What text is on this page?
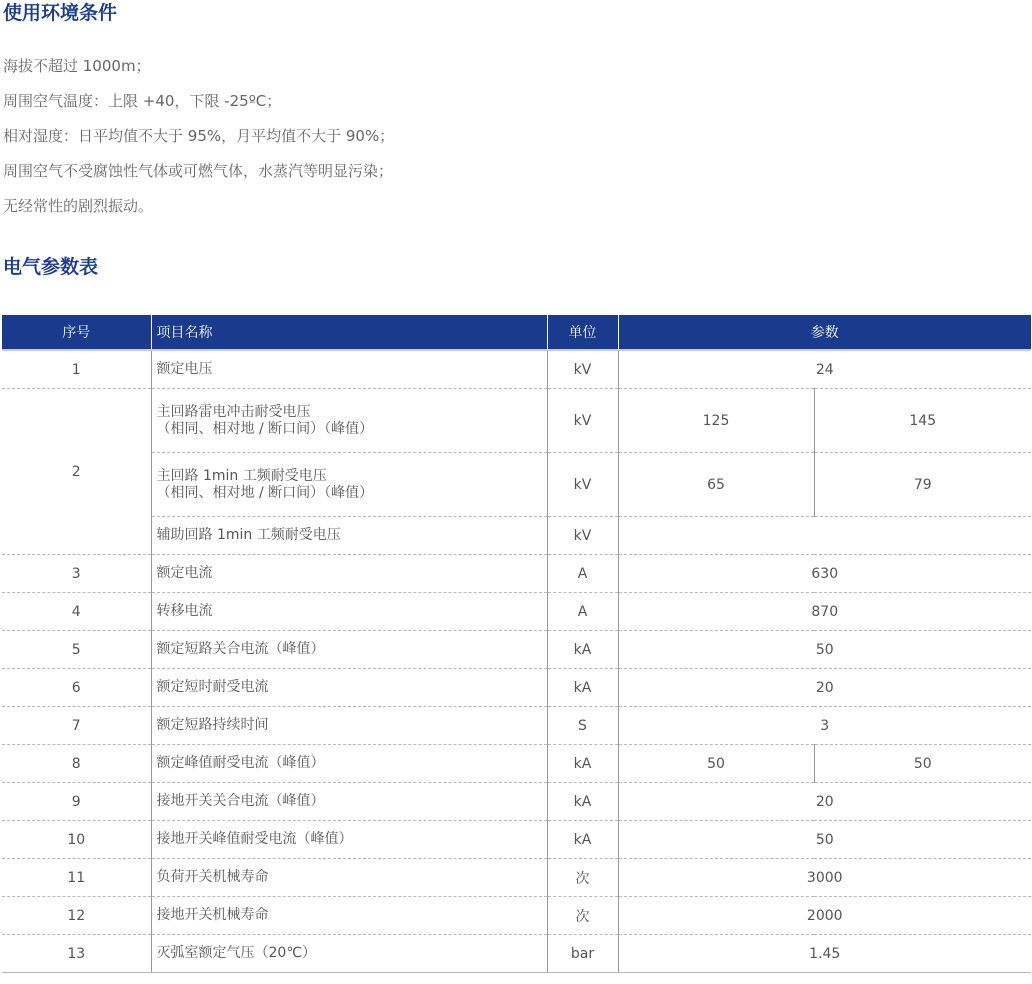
使用环境条件
海拔不超过 1000m；
周围空气温度：上限 +40，下限 -25ºC；
相对湿度：日平均值不大于 95%，月平均值不大于 90%；
周围空气不受腐蚀性气体或可燃气体，水蒸汽等明显污染；
无经常性的剧烈振动。
电气参数表
序号	项目名称	单位	参数	
1	额定电压	kV	24	
2	主回路雷电冲击耐受电压
（相同、相对地 / 断口间）（峰值）	kV	125	145

	主回路 1min 工频耐受电压
（相同、相对地 / 断口间）（峰值）	kV	65	79
	辅助回路 1min 工频耐受电压	kV		
3	额定电流	A	630	
4	转移电流	A	870	
5	额定短路关合电流（峰值）	kA	50	
6	额定短时耐受电流	kA	20	
7	额定短路持续时间	S	3	
8	额定峰值耐受电流（峰值）	kA	50	50
9	接地开关关合电流（峰值）	kA	20	
10	接地开关峰值耐受电流（峰值）	kA	50	
11	负荷开关机械寿命	次	3000	
12	接地开关机械寿命	次	2000	
13	灭弧室额定气压（20℃）	bar	1.45	
